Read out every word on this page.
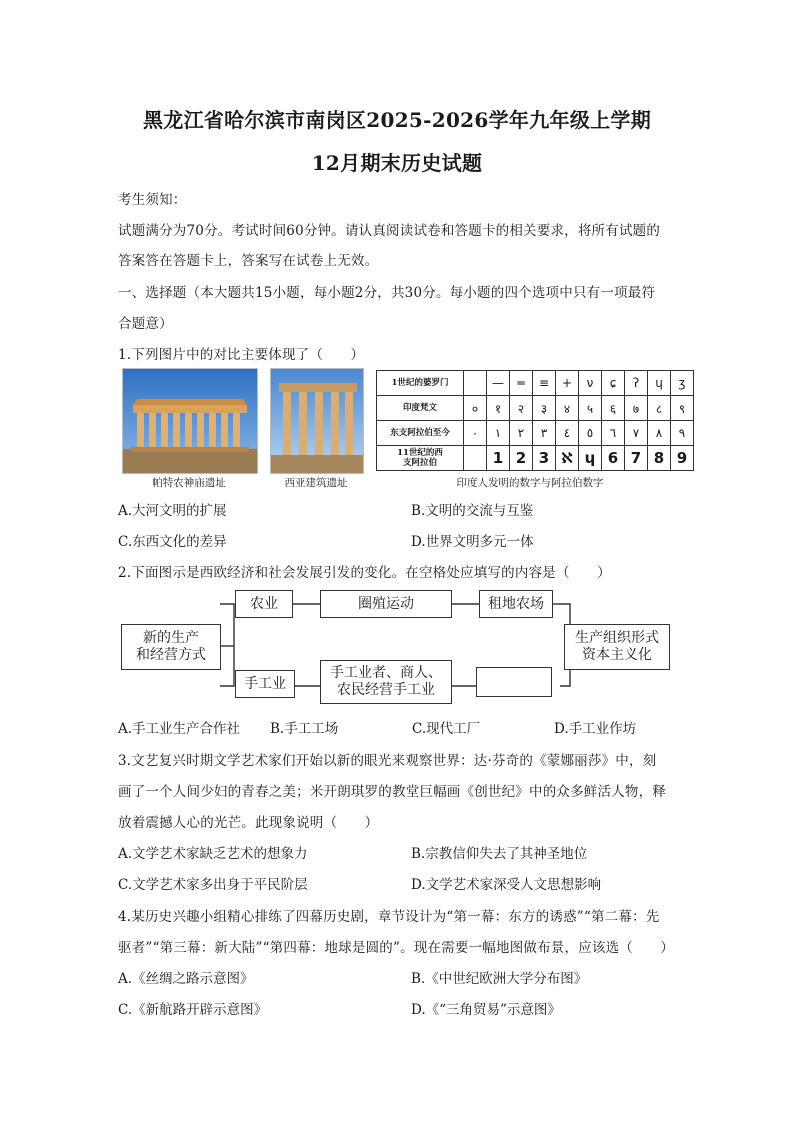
黑龙江省哈尔滨市南岗区2025-2026学年九年级上学期
12月期末历史试题
考生须知：
试题满分为70分。考试时间60分钟。请认真阅读试卷和答题卡的相关要求，将所有试题的
答案答在答题卡上，答案写在试卷上无效。
一、选择题（本大题共15小题，每小题2分，共30分。每小题的四个选项中只有一项最符
合题意）
1.下列图片中的对比主要体现了（　　）
帕特农神庙遗址	西亚建筑遗址
1世纪的婆罗门		—	═	≡	+	ν	ɕ	ʔ	ɥ	ʒ
印度梵文	०	१	२	३	४	५	६	७	८	९
东支阿拉伯至今	٠	١	٢	٣	٤	٥	٦	٧	٨	٩
11世纪的西
支阿拉伯		1	2	3	ℵ	ɥ	6	7	8	9
印度人发明的数字与阿拉伯数字
A.大河文明的扩展	B.文明的交流与互鉴
C.东西文化的差异	D.世界文明多元一体
2.下面图示是西欧经济和社会发展引发的变化。在空格处应填写的内容是（　　）
新的生产
和经营方式
农业	圈殖运动	租地农场
手工业
手工业者、商人、
农民经营手工业
生产组织形式
资本主义化
A.手工业生产合作社 B.手工工场	C.现代工厂	D.手工业作坊
3.文艺复兴时期文学艺术家们开始以新的眼光来观察世界：达·芬奇的《蒙娜丽莎》中，刻
画了一个人间少妇的青春之美；米开朗琪罗的教堂巨幅画《创世纪》中的众多鲜活人物，释
放着震撼人心的光芒。此现象说明（　　）
A.文学艺术家缺乏艺术的想象力	B.宗教信仰失去了其神圣地位
C.文学艺术家多出身于平民阶层	D.文学艺术家深受人文思想影响
4.某历史兴趣小组精心排练了四幕历史剧，章节设计为“第一幕：东方的诱惑”“第二幕：先
驱者”“第三幕：新大陆”“第四幕：地球是圆的”。现在需要一幅地图做布景，应该选（　　）
A.《丝绸之路示意图》	B.《中世纪欧洲大学分布图》
C.《新航路开辟示意图》	D.《“三角贸易”示意图》
